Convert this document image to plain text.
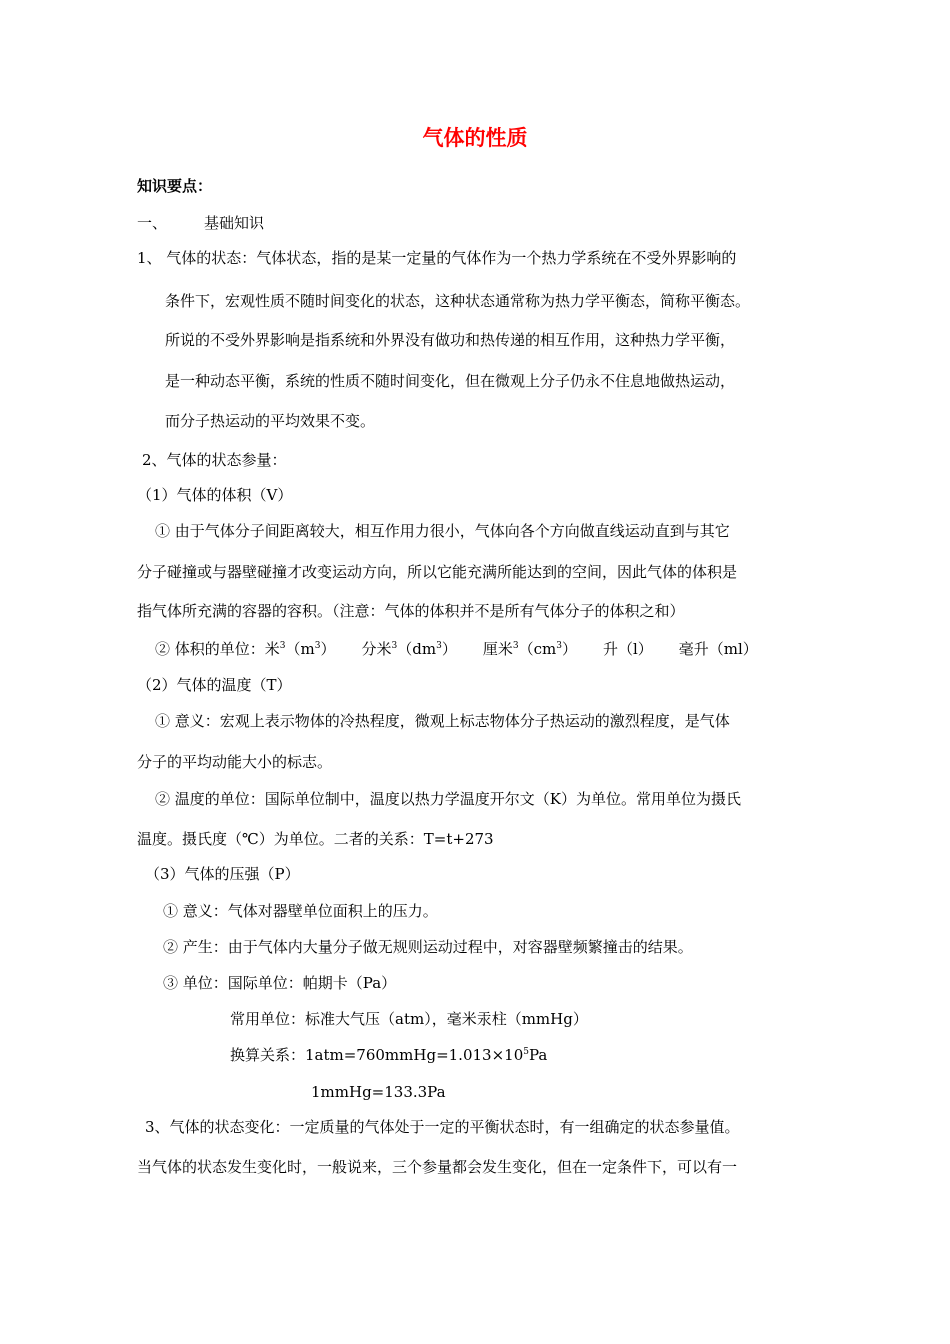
气体的性质
知识要点：
一、 基础知识
1、 气体的状态：气体状态，指的是某一定量的气体作为一个热力学系统在不受外界影响的
条件下，宏观性质不随时间变化的状态，这种状态通常称为热力学平衡态，简称平衡态。
所说的不受外界影响是指系统和外界没有做功和热传递的相互作用，这种热力学平衡，
是一种动态平衡，系统的性质不随时间变化，但在微观上分子仍永不住息地做热运动，
而分子热运动的平均效果不变。
2、气体的状态参量：
（1）气体的体积（V）
① 由于气体分子间距离较大，相互作用力很小，气体向各个方向做直线运动直到与其它
分子碰撞或与器壁碰撞才改变运动方向，所以它能充满所能达到的空间，因此气体的体积是
指气体所充满的容器的容积。（注意：气体的体积并不是所有气体分子的体积之和）
② 体积的单位：米$^3(m^3)$ 分米$^3(dm^3)$ 厘米$^3(cm^3)$ 升（l） 毫升（ml）
（2）气体的温度（T）
① 意义：宏观上表示物体的冷热程度，微观上标志物体分子热运动的激烈程度，是气体
分子的平均动能大小的标志。
② 温度的单位：国际单位制中，温度以热力学温度开尔文（K）为单位。常用单位为摄氏
温度。摄氏度（℃）为单位。二者的关系：T=t+273
（3）气体的压强（P）
① 意义：气体对器壁单位面积上的压力。
② 产生：由于气体内大量分子做无规则运动过程中，对容器壁频繁撞击的结果。
③ 单位：国际单位：帕期卡（Pa）
常用单位：标准大气压（atm），毫米汞柱（mmHg）
换算关系：$1atm=760mmHg=1.013\times 10^5Pa$
1mmHg=133.3Pa
3、气体的状态变化：一定质量的气体处于一定的平衡状态时，有一组确定的状态参量值。
当气体的状态发生变化时，一般说来，三个参量都会发生变化，但在一定条件下，可以有一
